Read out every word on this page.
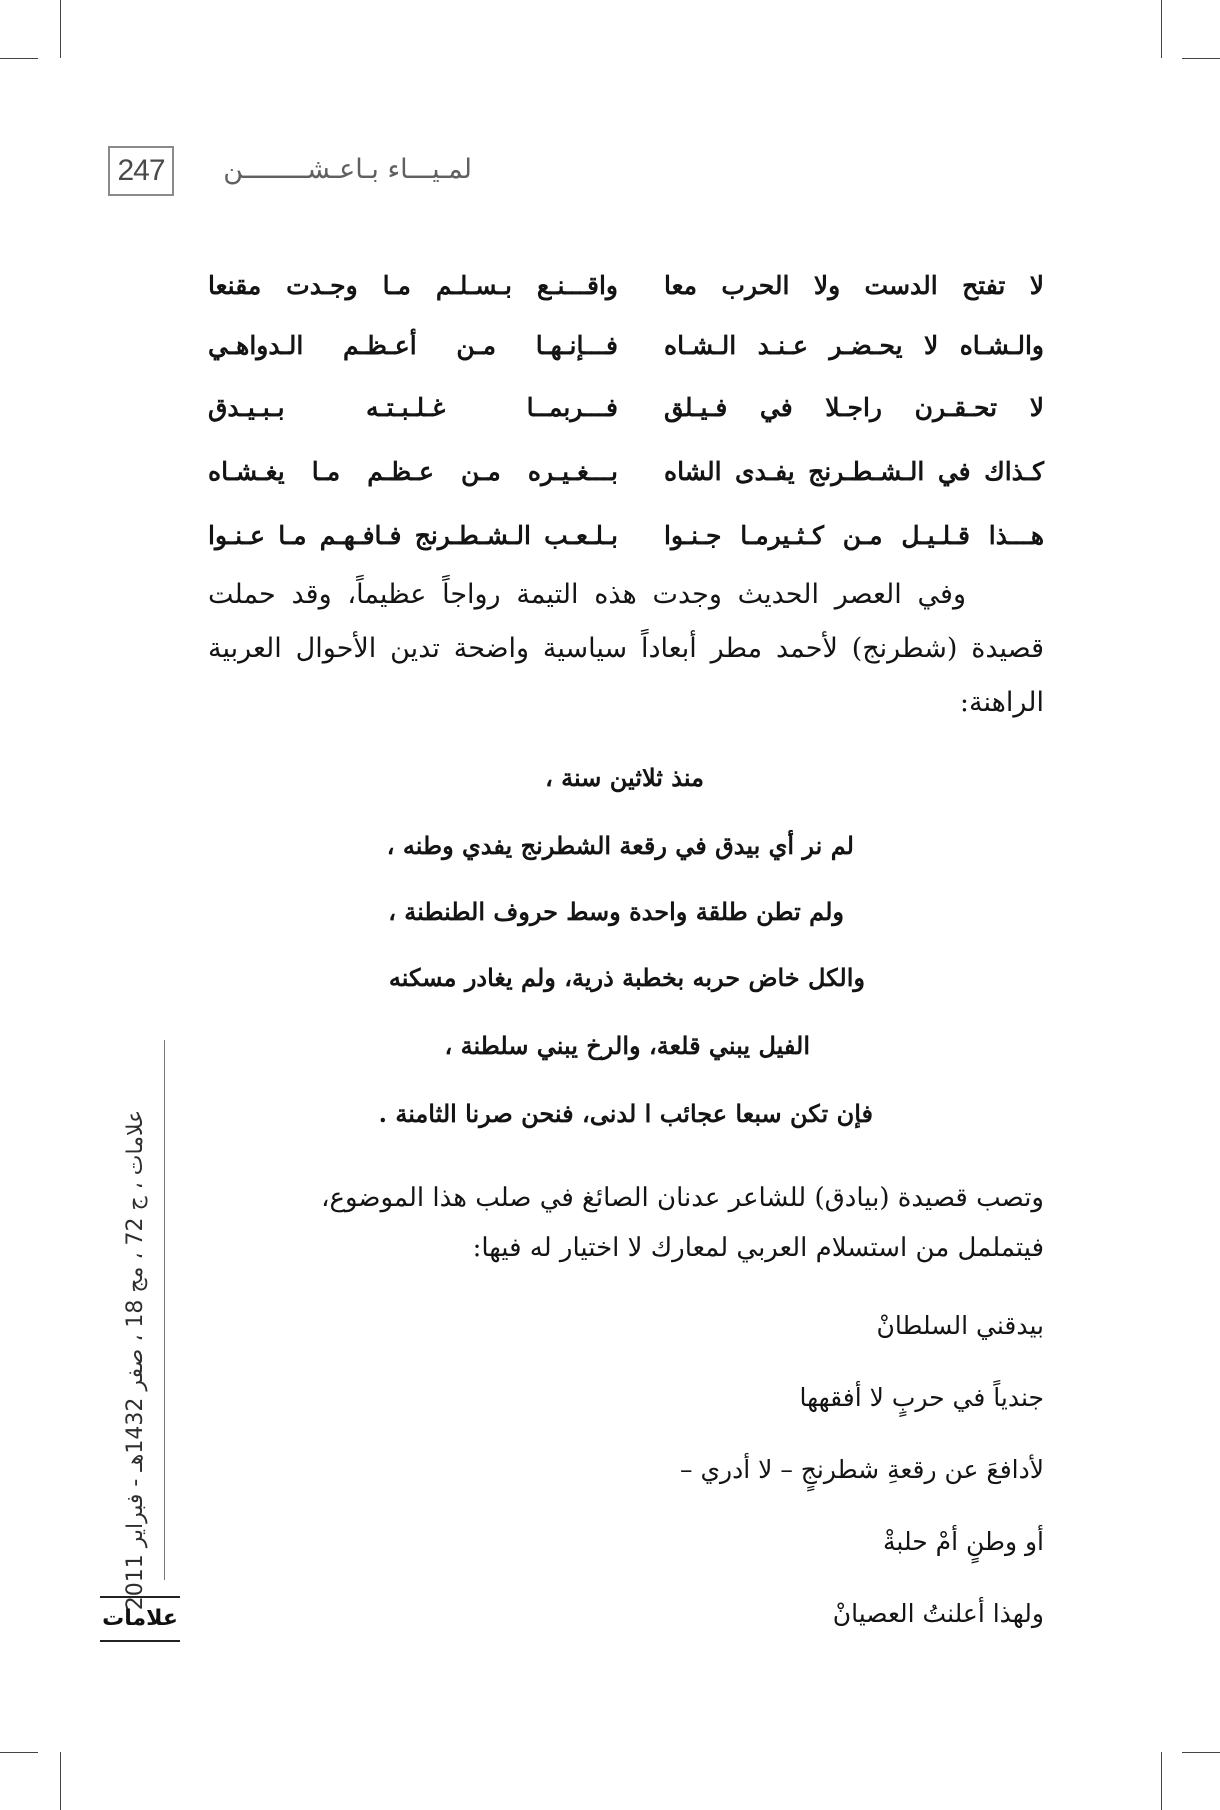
247	لمـيـــاء بـاعـشــــــــن
لا تفتح الدست ولا الحرب معا
واقـــنـع بـسـلـم مـا وجـدت مقنعا
والـشـاه لا يحـضـر عـنـد الـشـاه
فـــإنـهـا مـن أعـظـم الـدواهـي
لا تحـقـرن راجـلا في فـيـلق
فـــربمــا غـلـبـتـه بـبـيـدق
كـذاك في الـشـطـرنج يفـدى الشاه
بـــغـيـره مـن عـظـم مـا يغـشـاه
هـــذا قـلـيـل مـن كـثـيرمـا جـنـوا
بـلـعـب الـشـطـرنج فـافـهـم مـا عـنـوا
وفي العصر الحديث وجدت هذه التيمة رواجاً عظيماً، وقد حملت قصيدة (شطرنج) لأحمد مطر أبعاداً سياسية واضحة تدين الأحوال العربية الراهنة:
منذ ثلاثين سنة ،
لم نر أي بيدق في رقعة الشطرنج يفدي وطنه ،
ولم تطن طلقة واحدة وسط حروف الطنطنة ،
والكل خاض حربه بخطبة ذرية، ولم يغادر مسكنه
الفيل يبني قلعة، والرخ يبني سلطنة ،
فإن تكن سبعا عجائب ا لدنى، فنحن صرنا الثامنة .
وتصب قصيدة (بيادق) للشاعر عدنان الصائغ في صلب هذا الموضوع،
فيتململ من استسلام العربي لمعارك لا اختيار له فيها:
بيدقني السلطانْ
جندياً في حربٍ لا أفقهها
لأدافعَ عن رقعةِ شطرنجٍ – لا أدري –
أو وطنٍ أمْ حلبةْ
ولهذا أعلنتُ العصيانْ
علامات ، ج 72 ، مج 18 ، صفر 1432هـ - فبراير 2011
علامات
